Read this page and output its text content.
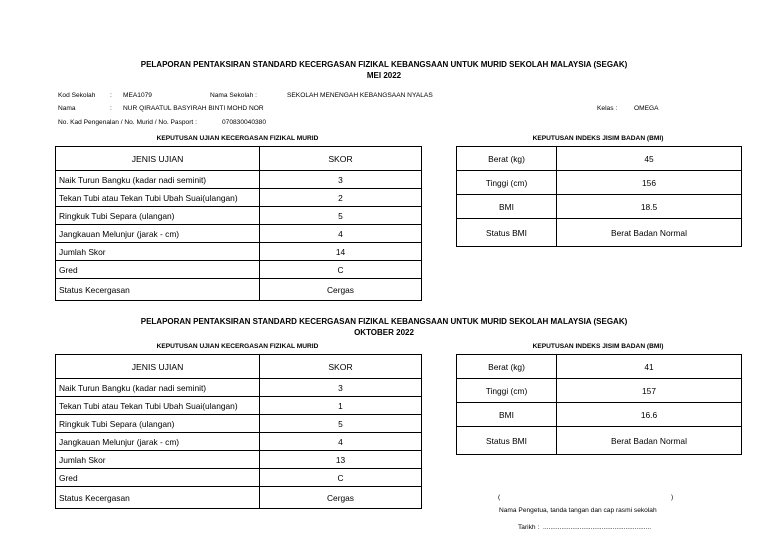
PELAPORAN PENTAKSIRAN STANDARD KECERGASAN FIZIKAL KEBANGSAAN UNTUK MURID SEKOLAH MALAYSIA (SEGAK)
MEI 2022
Kod Sekolah : MEA1079	Nama Sekolah :	SEKOLAH MENENGAH KEBANGSAAN NYALAS
Nama	: NUR QIRAATUL BASYIRAH BINTI MOHD NOR	Kelas :	OMEGA
No. Kad Pengenalan / No. Murid / No. Pasport :	070830040380
KEPUTUSAN UJIAN KECERGASAN FIZIKAL MURID	KEPUTUSAN INDEKS JISIM BADAN (BMI)
JENIS UJIAN	SKOR
Naik Turun Bangku (kadar nadi seminit)	3
Tekan Tubi atau Tekan Tubi Ubah Suai(ulangan)	2
Ringkuk Tubi Separa (ulangan)	5
Jangkauan Melunjur (jarak - cm)	4
Jumlah Skor	14
Gred	C
Status Kecergasan	Cergas
Berat (kg)	45
Tinggi (cm)	156
BMI	18.5
Status BMI	Berat Badan Normal
PELAPORAN PENTAKSIRAN STANDARD KECERGASAN FIZIKAL KEBANGSAAN UNTUK MURID SEKOLAH MALAYSIA (SEGAK)
OKTOBER 2022
KEPUTUSAN UJIAN KECERGASAN FIZIKAL MURID	KEPUTUSAN INDEKS JISIM BADAN (BMI)
JENIS UJIAN	SKOR
Naik Turun Bangku (kadar nadi seminit)	3
Tekan Tubi atau Tekan Tubi Ubah Suai(ulangan)	1
Ringkuk Tubi Separa (ulangan)	5
Jangkauan Melunjur (jarak - cm)	4
Jumlah Skor	13
Gred	C
Status Kecergasan	Cergas
Berat (kg)	41
Tinggi (cm)	157
BMI	16.6
Status BMI	Berat Badan Normal
(	)
Nama Pengetua, tanda tangan dan cap rasmi sekolah
Tarikh : ...........................................................
